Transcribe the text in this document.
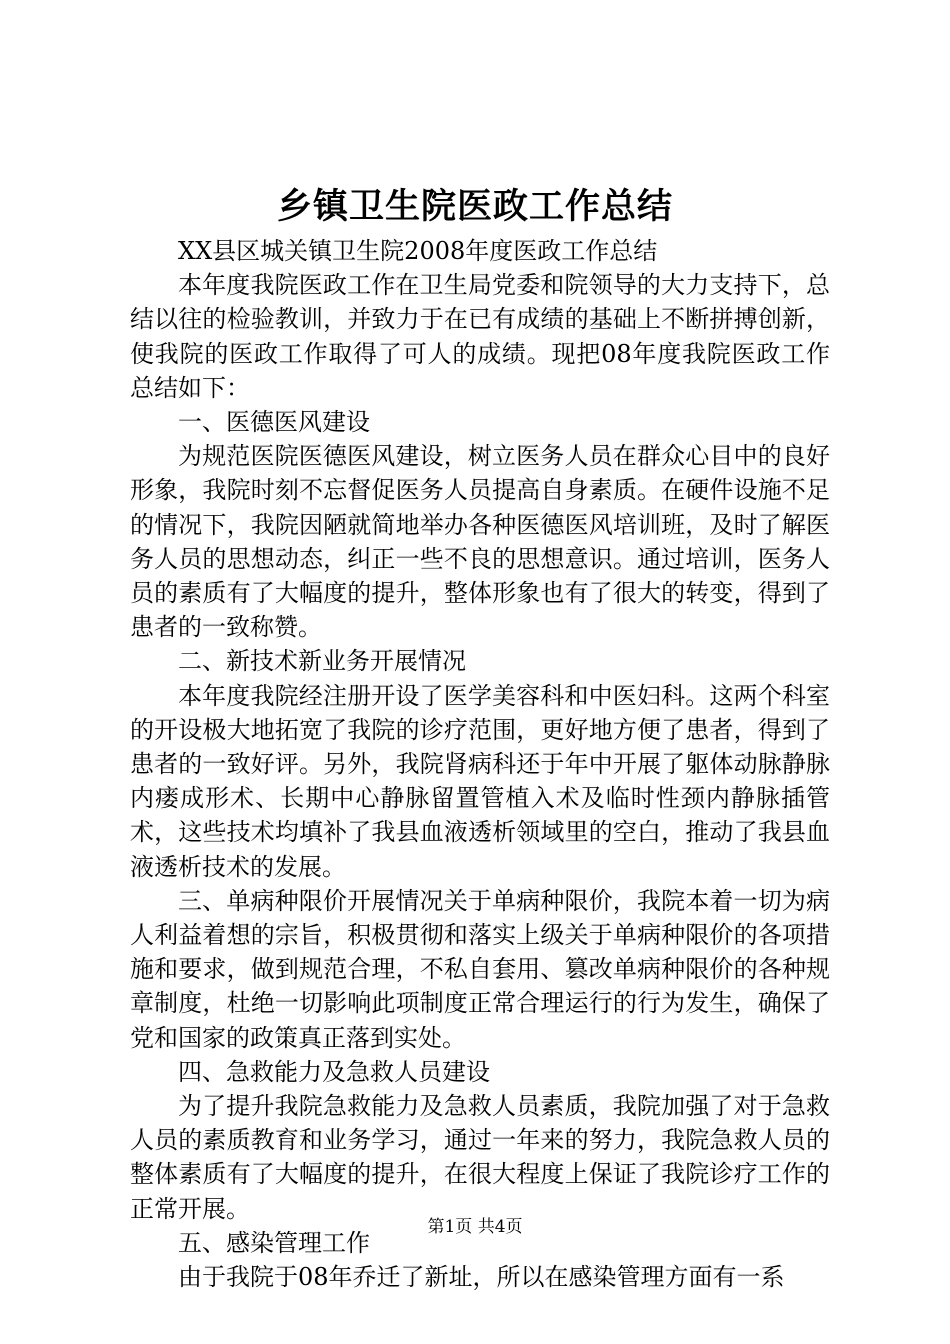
乡镇卫生院医政工作总结

XX县区城关镇卫生院2008年度医政工作总结

本年度我院医政工作在卫生局党委和院领导的大力支持下，总结以往的检验教训，并致力于在已有成绩的基础上不断拼搏创新，使我院的医政工作取得了可人的成绩。现把08年度我院医政工作总结如下：

一、医德医风建设

为规范医院医德医风建设，树立医务人员在群众心目中的良好形象，我院时刻不忘督促医务人员提高自身素质。在硬件设施不足的情况下，我院因陋就简地举办各种医德医风培训班，及时了解医务人员的思想动态，纠正一些不良的思想意识。通过培训，医务人员的素质有了大幅度的提升，整体形象也有了很大的转变，得到了患者的一致称赞。

二、新技术新业务开展情况

本年度我院经注册开设了医学美容科和中医妇科。这两个科室的开设极大地拓宽了我院的诊疗范围，更好地方便了患者，得到了患者的一致好评。另外，我院肾病科还于年中开展了躯体动脉静脉内瘘成形术、长期中心静脉留置管植入术及临时性颈内静脉插管术，这些技术均填补了我县血液透析领域里的空白，推动了我县血液透析技术的发展。

三、单病种限价开展情况关于单病种限价，我院本着一切为病人利益着想的宗旨，积极贯彻和落实上级关于单病种限价的各项措施和要求，做到规范合理，不私自套用、篡改单病种限价的各种规章制度，杜绝一切影响此项制度正常合理运行的行为发生，确保了党和国家的政策真正落到实处。

四、急救能力及急救人员建设

为了提升我院急救能力及急救人员素质，我院加强了对于急救人员的素质教育和业务学习，通过一年来的努力，我院急救人员的整体素质有了大幅度的提升，在很大程度上保证了我院诊疗工作的正常开展。

五、感染管理工作

由于我院于08年乔迁了新址，所以在感染管理方面有一系

第1页 共4页
